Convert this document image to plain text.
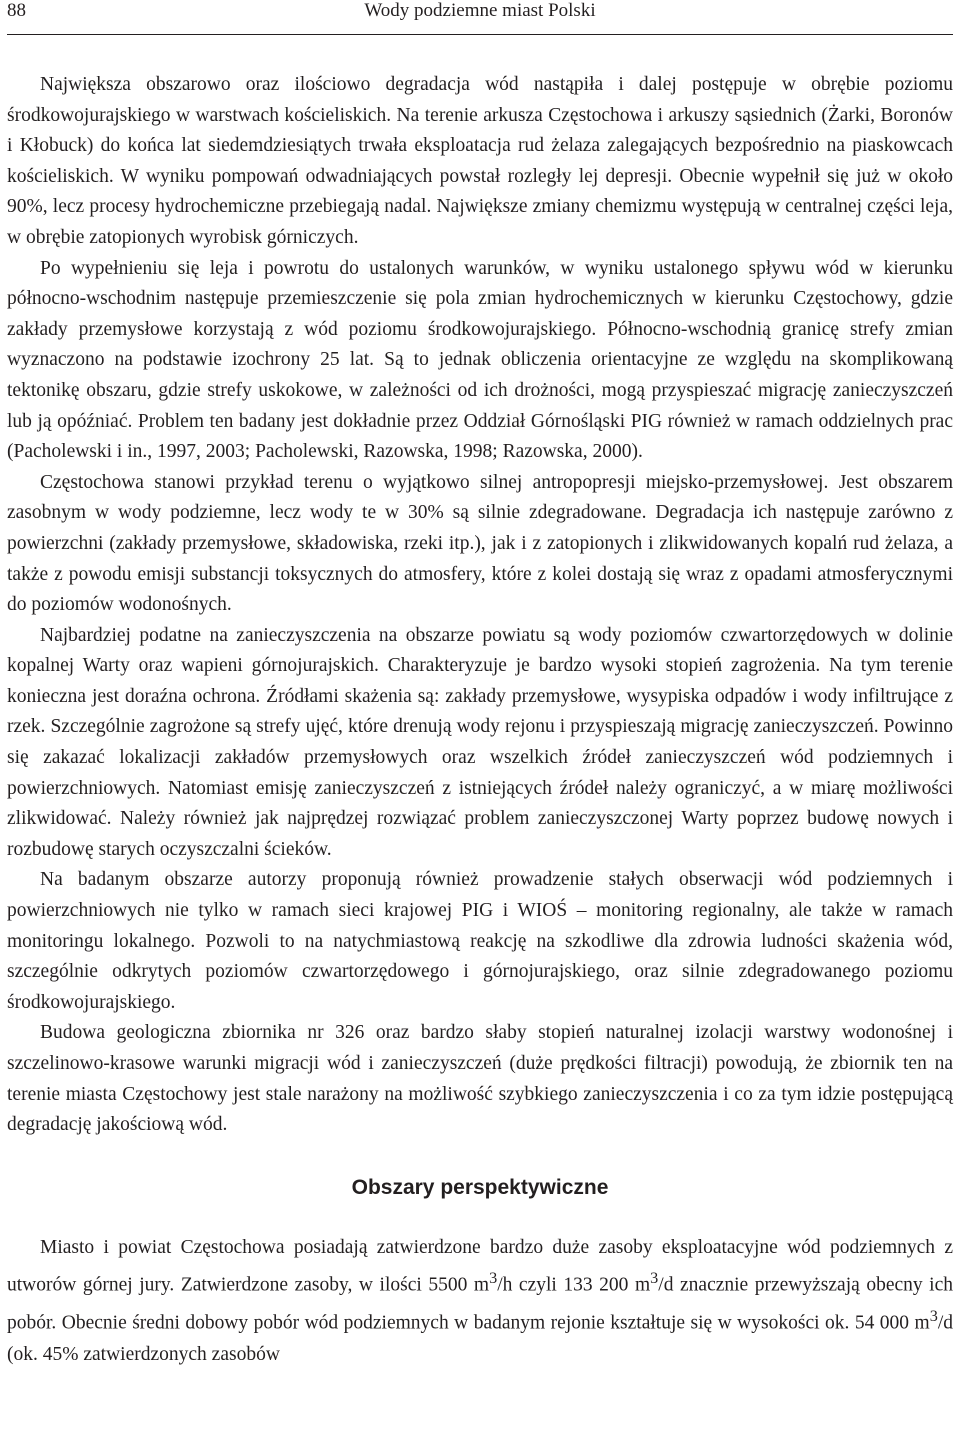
88	Wody podziemne miast Polski

Największa obszarowo oraz ilościowo degradacja wód nastąpiła i dalej postępuje w obrębie poziomu środkowojurajskiego w warstwach kościeliskich. Na terenie arkusza Częstochowa i arkuszy sąsiednich (Żarki, Boronów i Kłobuck) do końca lat siedemdziesiątych trwała eksploatacja rud żelaza zalegających bezpośrednio na piaskowcach kościeliskich. W wyniku pompowań odwadniających powstał rozległy lej depresji. Obecnie wypełnił się już w około 90%, lecz procesy hydrochemiczne przebiegają nadal. Największe zmiany chemizmu występują w centralnej części leja, w obrębie zatopionych wyrobisk górniczych.

Po wypełnieniu się leja i powrotu do ustalonych warunków, w wyniku ustalonego spływu wód w kierunku północno-wschodnim następuje przemieszczenie się pola zmian hydrochemicznych w kierunku Częstochowy, gdzie zakłady przemysłowe korzystają z wód poziomu środkowojurajskiego. Północno-wschodnią granicę strefy zmian wyznaczono na podstawie izochrony 25 lat. Są to jednak obliczenia orientacyjne ze względu na skomplikowaną tektonikę obszaru, gdzie strefy uskokowe, w zależności od ich drożności, mogą przyspieszać migrację zanieczyszczeń lub ją opóźniać. Problem ten badany jest dokładnie przez Oddział Górnośląski PIG również w ramach oddzielnych prac (Pacholewski i in., 1997, 2003; Pacholewski, Razowska, 1998; Razowska, 2000).

Częstochowa stanowi przykład terenu o wyjątkowo silnej antropopresji miejsko-przemysłowej. Jest obszarem zasobnym w wody podziemne, lecz wody te w 30% są silnie zdegradowane. Degradacja ich następuje zarówno z powierzchni (zakłady przemysłowe, składowiska, rzeki itp.), jak i z zatopionych i zlikwidowanych kopalń rud żelaza, a także z powodu emisji substancji toksycznych do atmosfery, które z kolei dostają się wraz z opadami atmosferycznymi do poziomów wodonośnych.

Najbardziej podatne na zanieczyszczenia na obszarze powiatu są wody poziomów czwartorzędowych w dolinie kopalnej Warty oraz wapieni górnojurajskich. Charakteryzuje je bardzo wysoki stopień zagrożenia. Na tym terenie konieczna jest doraźna ochrona. Źródłami skażenia są: zakłady przemysłowe, wysypiska odpadów i wody infiltrujące z rzek. Szczególnie zagrożone są strefy ujęć, które drenują wody rejonu i przyspieszają migrację zanieczyszczeń. Powinno się zakazać lokalizacji zakładów przemysłowych oraz wszelkich źródeł zanieczyszczeń wód podziemnych i powierzchniowych. Natomiast emisję zanieczyszczeń z istniejących źródeł należy ograniczyć, a w miarę możliwości zlikwidować. Należy również jak najprędzej rozwiązać problem zanieczyszczonej Warty poprzez budowę nowych i rozbudowę starych oczyszczalni ścieków.

Na badanym obszarze autorzy proponują również prowadzenie stałych obserwacji wód podziemnych i powierzchniowych nie tylko w ramach sieci krajowej PIG i WIOŚ – monitoring regionalny, ale także w ramach monitoringu lokalnego. Pozwoli to na natychmiastową reakcję na szkodliwe dla zdrowia ludności skażenia wód, szczególnie odkrytych poziomów czwartorzędowego i górnojurajskiego, oraz silnie zdegradowanego poziomu środkowojurajskiego.

Budowa geologiczna zbiornika nr 326 oraz bardzo słaby stopień naturalnej izolacji warstwy wodonośnej i szczelinowo-krasowe warunki migracji wód i zanieczyszczeń (duże prędkości filtracji) powodują, że zbiornik ten na terenie miasta Częstochowy jest stale narażony na możliwość szybkiego zanieczyszczenia i co za tym idzie postępującą degradację jakościową wód.

Obszary perspektywiczne

Miasto i powiat Częstochowa posiadają zatwierdzone bardzo duże zasoby eksploatacyjne wód podziemnych z utworów górnej jury. Zatwierdzone zasoby, w ilości 5500 $m^3/h$ czyli 133 200 $m^3/d$ znacznie przewyższają obecny ich pobór. Obecnie średni dobowy pobór wód podziemnych w badanym rejonie kształtuje się w wysokości ok. 54 000 $m^3/d$ (ok. 45% zatwierdzonych zasobów
